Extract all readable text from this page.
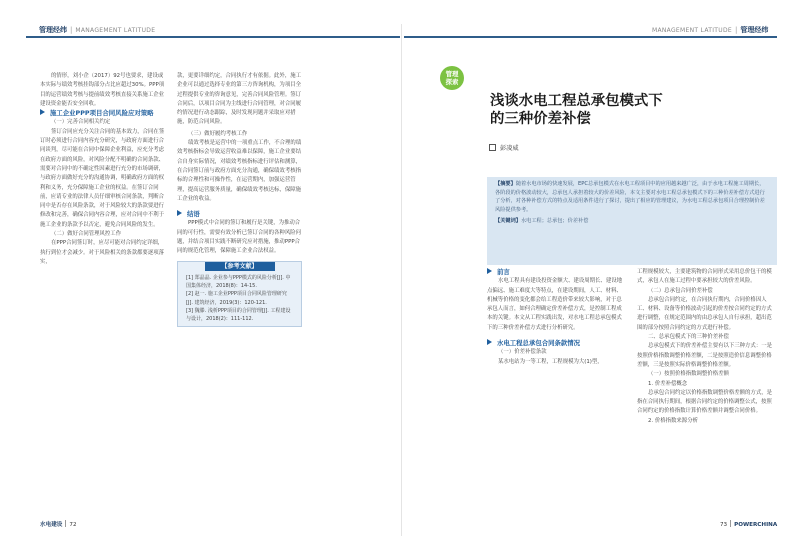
管理经纬 | MANAGEMENT LATITUDE	MANAGEMENT LATITUDE | 管理经纬

的情形，刘小企（2017）92号也要求，建设或本实际与绩效考核挂钩部分占比应超过30%。PPP项目的运营绩效考核与提前绩效考核直接关系施工企业建设资金能否安全回收。

施工企业PPP项目合同风险应对策略

（一）完善合同相关约定

签订合同应充分关注合同的基本效力，合同在签订时必须进行合同内容充分研究，与政府方面进行合同谈判，尽可能在合同中保障企业利益，应充分考虑在政府方面的风险，对风险分配不明确的合同条款、需要对合同中的不确定性因素进行充分的市场调研，与政府方面做好充分的沟通协调，明确政府方面的权利和义务，充分保障施工企业的权益。在签订合同前，应请专业的法律人员仔细审核合同条款，判断合同中是否存在风险条款，对于风险较大的条款要进行修改和完善，确保合同内容合理，应对合同中不利于施工企业的条款予以否定，避免合同风险的发生。

（二）做好合同管理风控工作

在PPP合同签订时，应尽可能对合同约定详细，执行到位才会减少。对于风险相关的条款都要逐项落实，

款，更要详细约定，合同执行才有依据。此外，施工企业可以通过选择专业的第三方咨询机构，为项目全过程提供专业的咨询意见，完善合同风险管理。签订合同后，以项目合同为主线进行合同管理，对合同履约情况进行动态跟踪，及时发现问题并采取应对措施，防范合同风险。

（三）做好履约考核工作

绩效考核是运营中的一项重点工作，不合理的绩效考核指标会导致运营收益难以保障，施工企业要结合自身实际情况，对绩效考核指标进行评估和测算，在合同签订前与政府方面充分沟通，确保绩效考核指标的合理性和可操作性，在运营期内，加强运营管理，提高运营服务质量，确保绩效考核达标，保障施工企业的收益。

结语

PPP模式中合同的签订和履行是关键，为推动合同的可行性，需要有效分析已签订合同的各种风险问题，并结合项目实践不断研究应对措施，推动PPP合同的规范化管理，保障施工企业合法权益。

【参考文献】

[1] 郑晶晶. 企业参与PPP模式的风险分析[J]. 中国集体经济，2018(8)：14-15.

[2] 赵一. 施工企业PPP项目合同风险管理研究[J]. 建筑经济，2019(3)：120-121.

[3] 魏滕. 浅析PPP项目的合同管理[J]. 工程建设与设计，2018(2)：111-112.

管理
探索
浅谈水电工程总承包模式下
的三种价差补偿
彭凌威

【摘要】随着水电市场的快速发展，EPC总承包模式在水电工程项目中的应用越来越广泛，由于水电工程施工周期长，各阶段的价格波动较大，总承包人承担着较大的价差风险，本文主要对水电工程总承包模式下的三种价差补偿方式进行了分析，对各种补偿方式的特点及适用条件进行了探讨，提出了相应的管理建议，为水电工程总承包项目合理控制价差风险提供参考。

【关键词】水电工程；总承包；价差补偿

前言

水电工程具有建设投资金额大、建设周期长、建设地点偏远、施工难度大等特点，在建设期间，人工、材料、机械等价格的变化都会给工程造价带来较大影响，对于总承包人而言，如何合理确定价差补偿方式，是控制工程成本的关键。本文从工程实践出发，对水电工程总承包模式下的三种价差补偿方式进行分析研究。

水电工程总承包合同条款情况

（一）价差补偿条款

某水电站为一等工程，工程规模为大(1)型，

工程规模较大，主要建筑物的合同形式采用总价包干的模式，承包人在施工过程中要承担较大的价差风险。

（二）总承包合同价差补偿

总承包合同约定，在合同执行期内，合同价格因人工、材料、设备等价格波动引起的价差按合同约定的方式进行调整，在规定范围内的由总承包人自行承担，超出范围的部分按照合同约定的方式进行补偿。

二、总承包模式下的三种价差补偿

总承包模式下的价差补偿主要有以下三种方式：一是按照价格指数调整价格差额，二是按照造价信息调整价格差额，三是按照实际价格调整价格差额。

（一）按照价格指数调整价格差额

1. 价差补偿概念

总承包合同约定以价格指数调整价格差额的方式，是指在合同执行期间，根据合同约定的价格调整公式，按照合同约定的价格指数计算价格差额并调整合同价格。

2. 价格指数来源分析

水电建设 72	73 POWERCHINA
